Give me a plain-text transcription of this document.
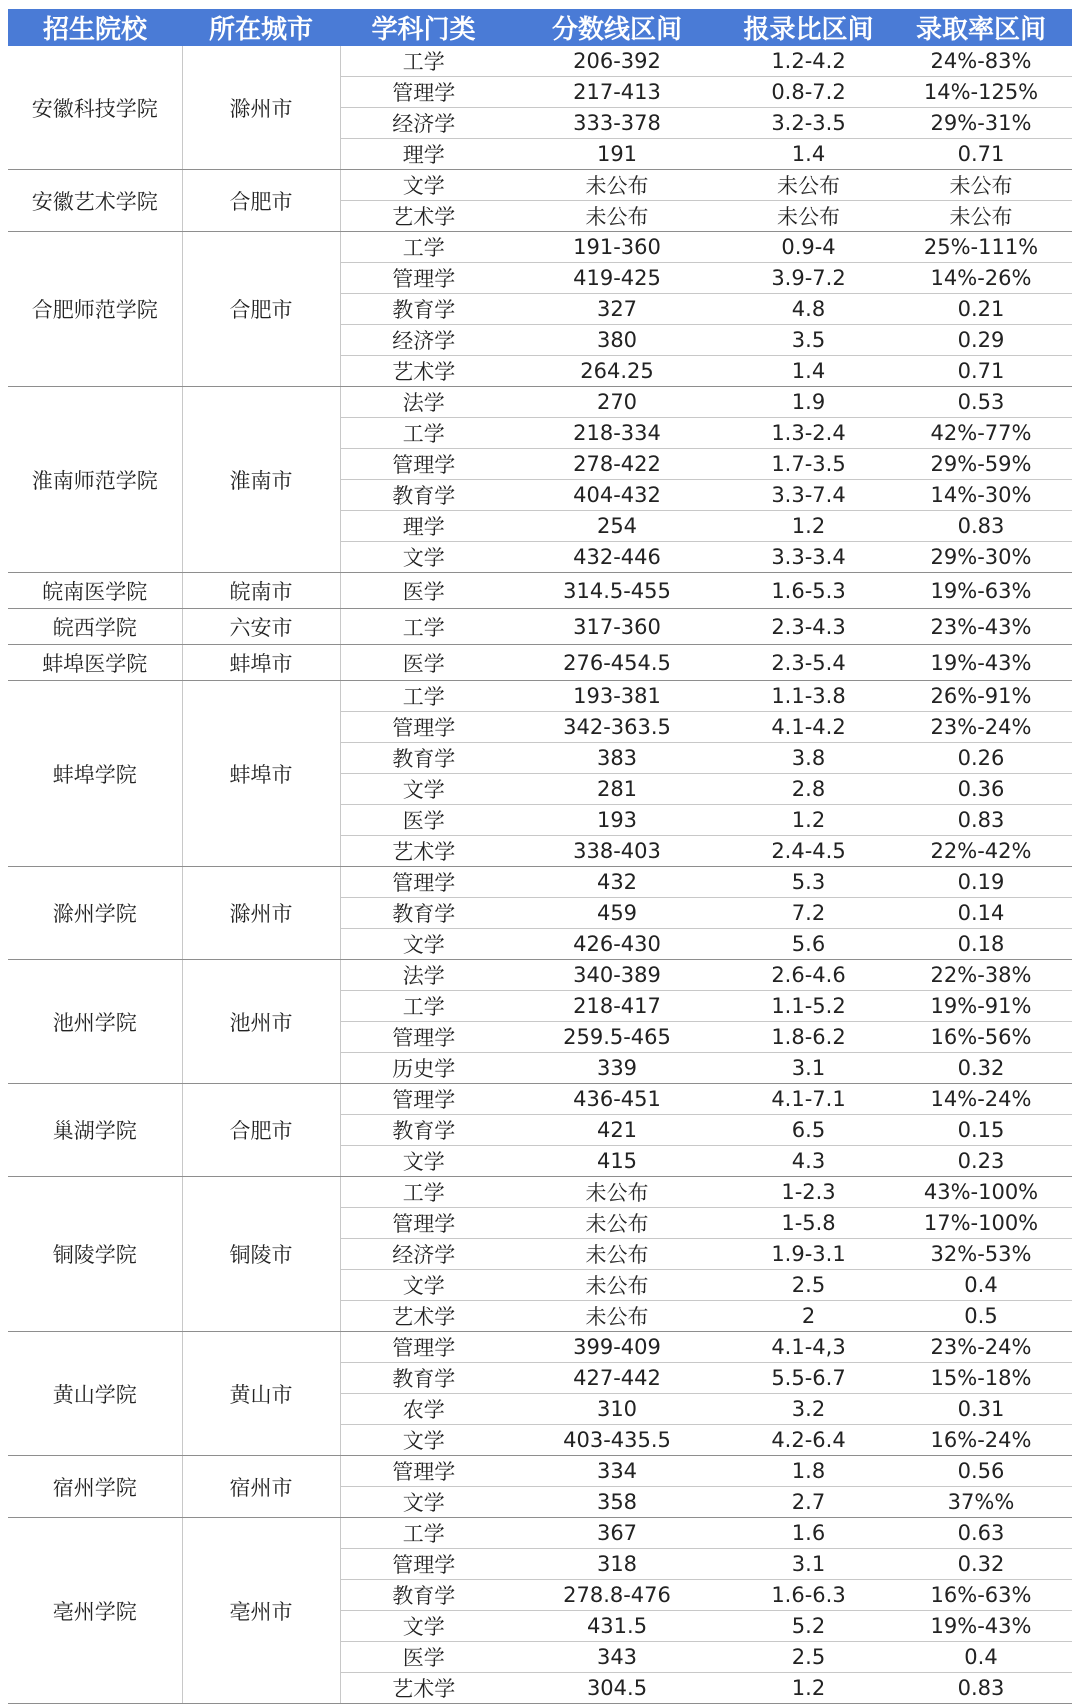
招生院校	所在城市	学科门类	分数线区间	报录比区间	录取率区间
安徽科技学院	滁州市	工学	206-392	1.2-4.2	24%-83%
		管理学	217-413	0.8-7.2	14%-125%
		经济学	333-378	3.2-3.5	29%-31%
		理学	191	1.4	0.71
安徽艺术学院	合肥市	文学	未公布	未公布	未公布
		艺术学	未公布	未公布	未公布
合肥师范学院	合肥市	工学	191-360	0.9-4	25%-111%
		管理学	419-425	3.9-7.2	14%-26%
		教育学	327	4.8	0.21
		经济学	380	3.5	0.29
		艺术学	264.25	1.4	0.71
淮南师范学院	淮南市	法学	270	1.9	0.53
		工学	218-334	1.3-2.4	42%-77%
		管理学	278-422	1.7-3.5	29%-59%
		教育学	404-432	3.3-7.4	14%-30%
		理学	254	1.2	0.83
		文学	432-446	3.3-3.4	29%-30%
皖南医学院	皖南市	医学	314.5-455	1.6-5.3	19%-63%
皖西学院	六安市	工学	317-360	2.3-4.3	23%-43%
蚌埠医学院	蚌埠市	医学	276-454.5	2.3-5.4	19%-43%
蚌埠学院	蚌埠市	工学	193-381	1.1-3.8	26%-91%
		管理学	342-363.5	4.1-4.2	23%-24%
		教育学	383	3.8	0.26
		文学	281	2.8	0.36
		医学	193	1.2	0.83
		艺术学	338-403	2.4-4.5	22%-42%
滁州学院	滁州市	管理学	432	5.3	0.19
		教育学	459	7.2	0.14
		文学	426-430	5.6	0.18
池州学院	池州市	法学	340-389	2.6-4.6	22%-38%
		工学	218-417	1.1-5.2	19%-91%
		管理学	259.5-465	1.8-6.2	16%-56%
		历史学	339	3.1	0.32
巢湖学院	合肥市	管理学	436-451	4.1-7.1	14%-24%
		教育学	421	6.5	0.15
		文学	415	4.3	0.23
铜陵学院	铜陵市	工学	未公布	1-2.3	43%-100%
		管理学	未公布	1-5.8	17%-100%
		经济学	未公布	1.9-3.1	32%-53%
		文学	未公布	2.5	0.4
		艺术学	未公布	2	0.5
黄山学院	黄山市	管理学	399-409	4.1-4,3	23%-24%
		教育学	427-442	5.5-6.7	15%-18%
		农学	310	3.2	0.31
		文学	403-435.5	4.2-6.4	16%-24%
宿州学院	宿州市	管理学	334	1.8	0.56
		文学	358	2.7	37%%
亳州学院	亳州市	工学	367	1.6	0.63
		管理学	318	3.1	0.32
		教育学	278.8-476	1.6-6.3	16%-63%
		文学	431.5	5.2	19%-43%
		医学	343	2.5	0.4
		艺术学	304.5	1.2	0.83
